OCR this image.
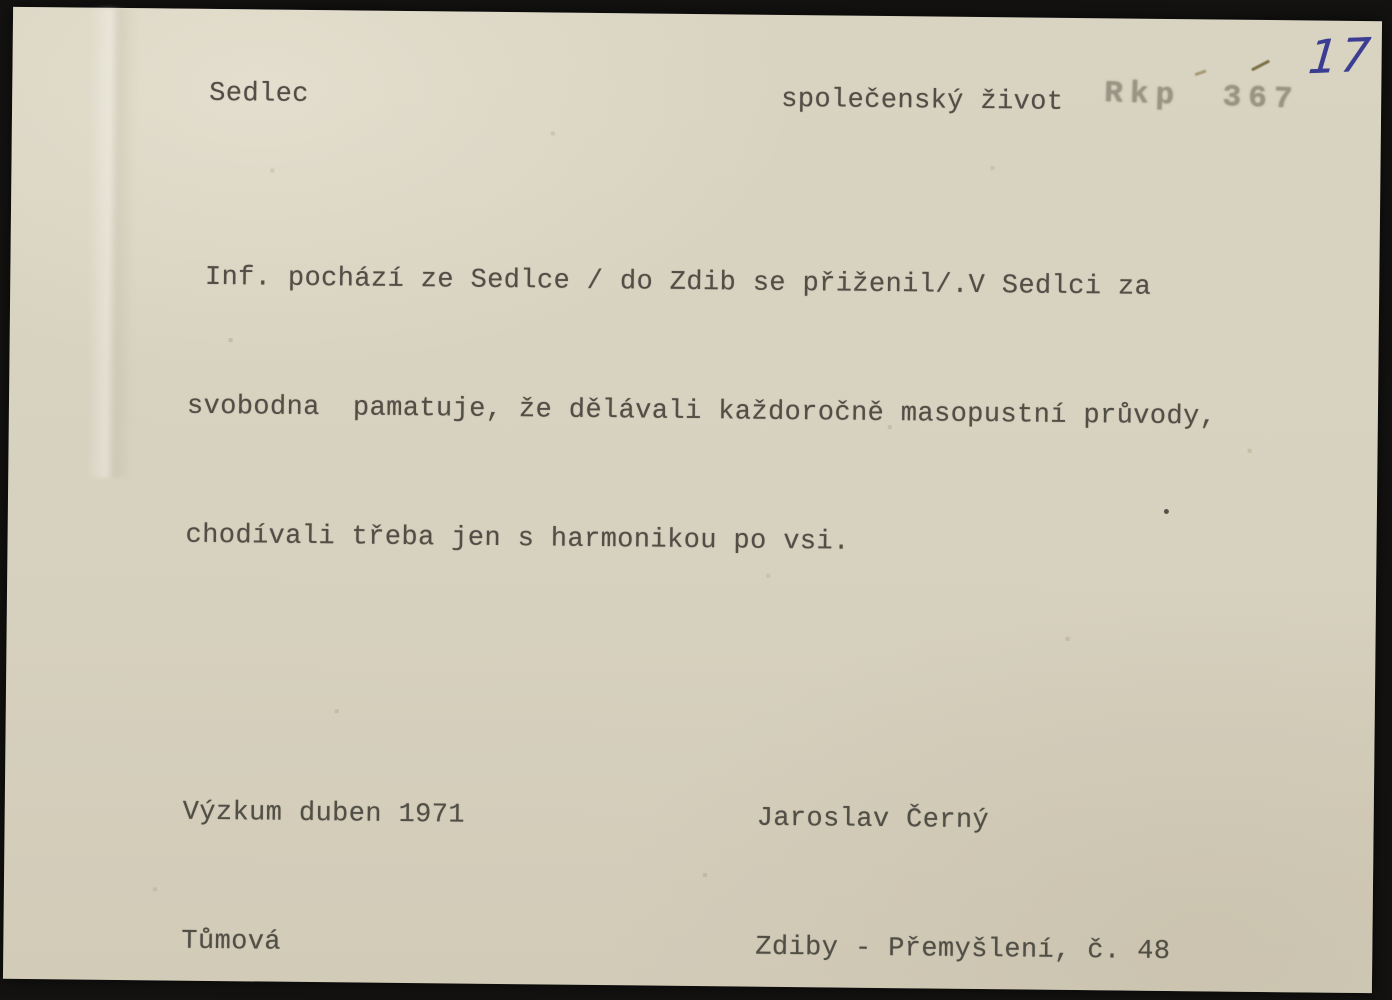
Sedlec	společenský život Rkp 367
17

Inf. pochází ze Sedlce / do Zdib se přiženil/.V Sedlci za

svobodna  pamatuje, že dělávali každoročně masopustní průvody,

chodívali třeba jen s harmonikou po vsi.

Výzkum duben 1971

Tůmová

Jaroslav Černý

Zdiby - Přemyšlení, č. 48
